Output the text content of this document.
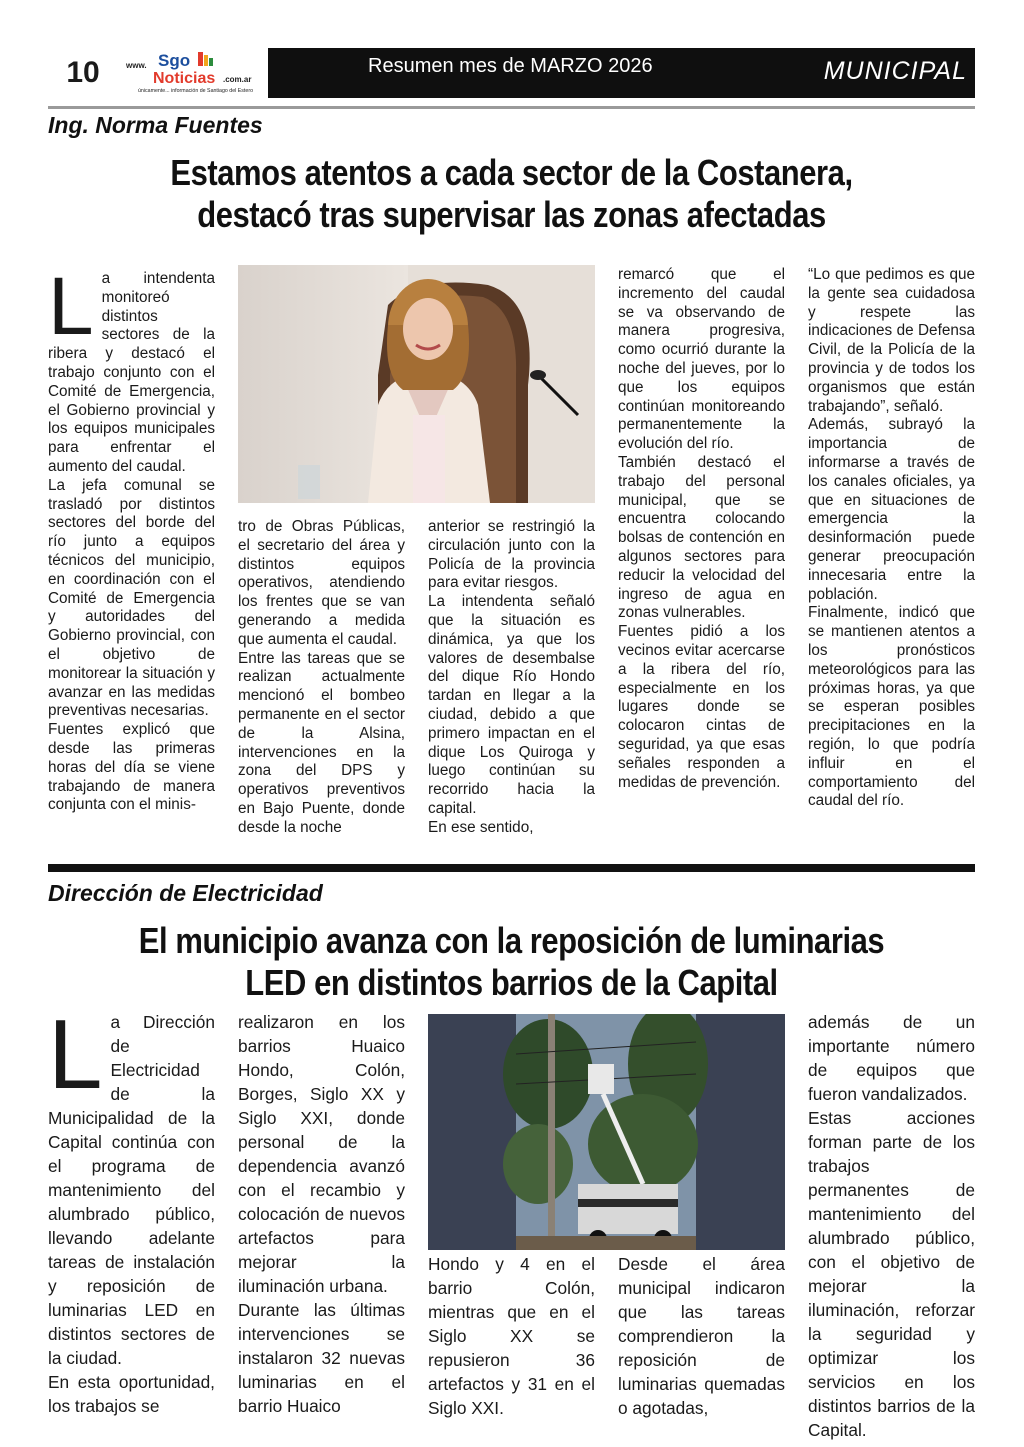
10	www. Sgo
Noticias .com.ar
únicamente... información de Santiago del Estero
Resumen mes de MARZO 2026	MUNICIPAL
Ing. Norma Fuentes
Estamos atentos a cada sector de la Costanera,
destacó tras supervisar las zonas afectadas
L a intendenta monitoreó distintos sectores de la ribera y destacó el trabajo conjunto con el Comité de Emergencia, el Gobierno provincial y los equipos municipales para enfrentar el aumento del caudal.

La jefa comunal se trasladó por distintos sectores del borde del río junto a equipos técnicos del municipio, en coordinación con el Comité de Emergencia y autoridades del Gobierno provincial, con el objetivo de monitorear la situación y avanzar en las medidas preventivas necesarias.

Fuentes explicó que desde las primeras horas del día se viene trabajando de manera conjunta con el minis-

tro de Obras Públicas, el secretario del área y distintos equipos operativos, atendiendo los frentes que se van generando a medida que aumenta el caudal.

Entre las tareas que se realizan actualmente mencionó el bombeo permanente en el sector de la Alsina, intervenciones en la zona del DPS y operativos preventivos en Bajo Puente, donde desde la noche

anterior se restringió la circulación junto con la Policía de la provincia para evitar riesgos.

La intendenta señaló que la situación es dinámica, ya que los valores de desembalse del dique Río Hondo tardan en llegar a la ciudad, debido a que primero impactan en el dique Los Quiroga y luego continúan su recorrido hacia la capital.

En ese sentido,

remarcó que el incremento del caudal se va observando de manera progresiva, como ocurrió durante la noche del jueves, por lo que los equipos continúan monitoreando permanentemente la evolución del río.

También destacó el trabajo del personal municipal, que se encuentra colocando bolsas de contención en algunos sectores para reducir la velocidad del ingreso de agua en zonas vulnerables.

Fuentes pidió a los vecinos evitar acercarse a la ribera del río, especialmente en los lugares donde se colocaron cintas de seguridad, ya que esas señales responden a medidas de prevención.

“Lo que pedimos es que la gente sea cuidadosa y respete las indicaciones de Defensa Civil, de la Policía de la provincia y de todos los organismos que están trabajando”, señaló.

Además, subrayó la importancia de informarse a través de los canales oficiales, ya que en situaciones de emergencia la desinformación puede generar preocupación innecesaria entre la población.

Finalmente, indicó que se mantienen atentos a los pronósticos meteorológicos para las próximas horas, ya que se esperan posibles precipitaciones en la región, lo que podría influir en el comportamiento del caudal del río.

Dirección de Electricidad
El municipio avanza con la reposición de luminarias
LED en distintos barrios de la Capital
L a Dirección de Electricidad de la Municipalidad de la Capital continúa con el programa de mantenimiento del alumbrado público, llevando adelante tareas de instalación y reposición de luminarias LED en distintos sectores de la ciudad.

En esta oportunidad, los trabajos se

realizaron en los barrios Huaico Hondo, Colón, Borges, Siglo XX y Siglo XXI, donde personal de la dependencia avanzó con el recambio y colocación de nuevos artefactos para mejorar la iluminación urbana.

Durante las últimas intervenciones se instalaron 32 nuevas luminarias en el barrio Huaico

Hondo y 4 en el barrio Colón, mientras que en el Siglo XX se repusieron 36 artefactos y 31 en el Siglo XXI.

Desde el área municipal indicaron que las tareas comprendieron la reposición de luminarias quemadas o agotadas,

además de un importante número de equipos que fueron vandalizados.

Estas acciones forman parte de los trabajos permanentes de mantenimiento del alumbrado público, con el objetivo de mejorar la iluminación, reforzar la seguridad y optimizar los servicios en los distintos barrios de la Capital.
